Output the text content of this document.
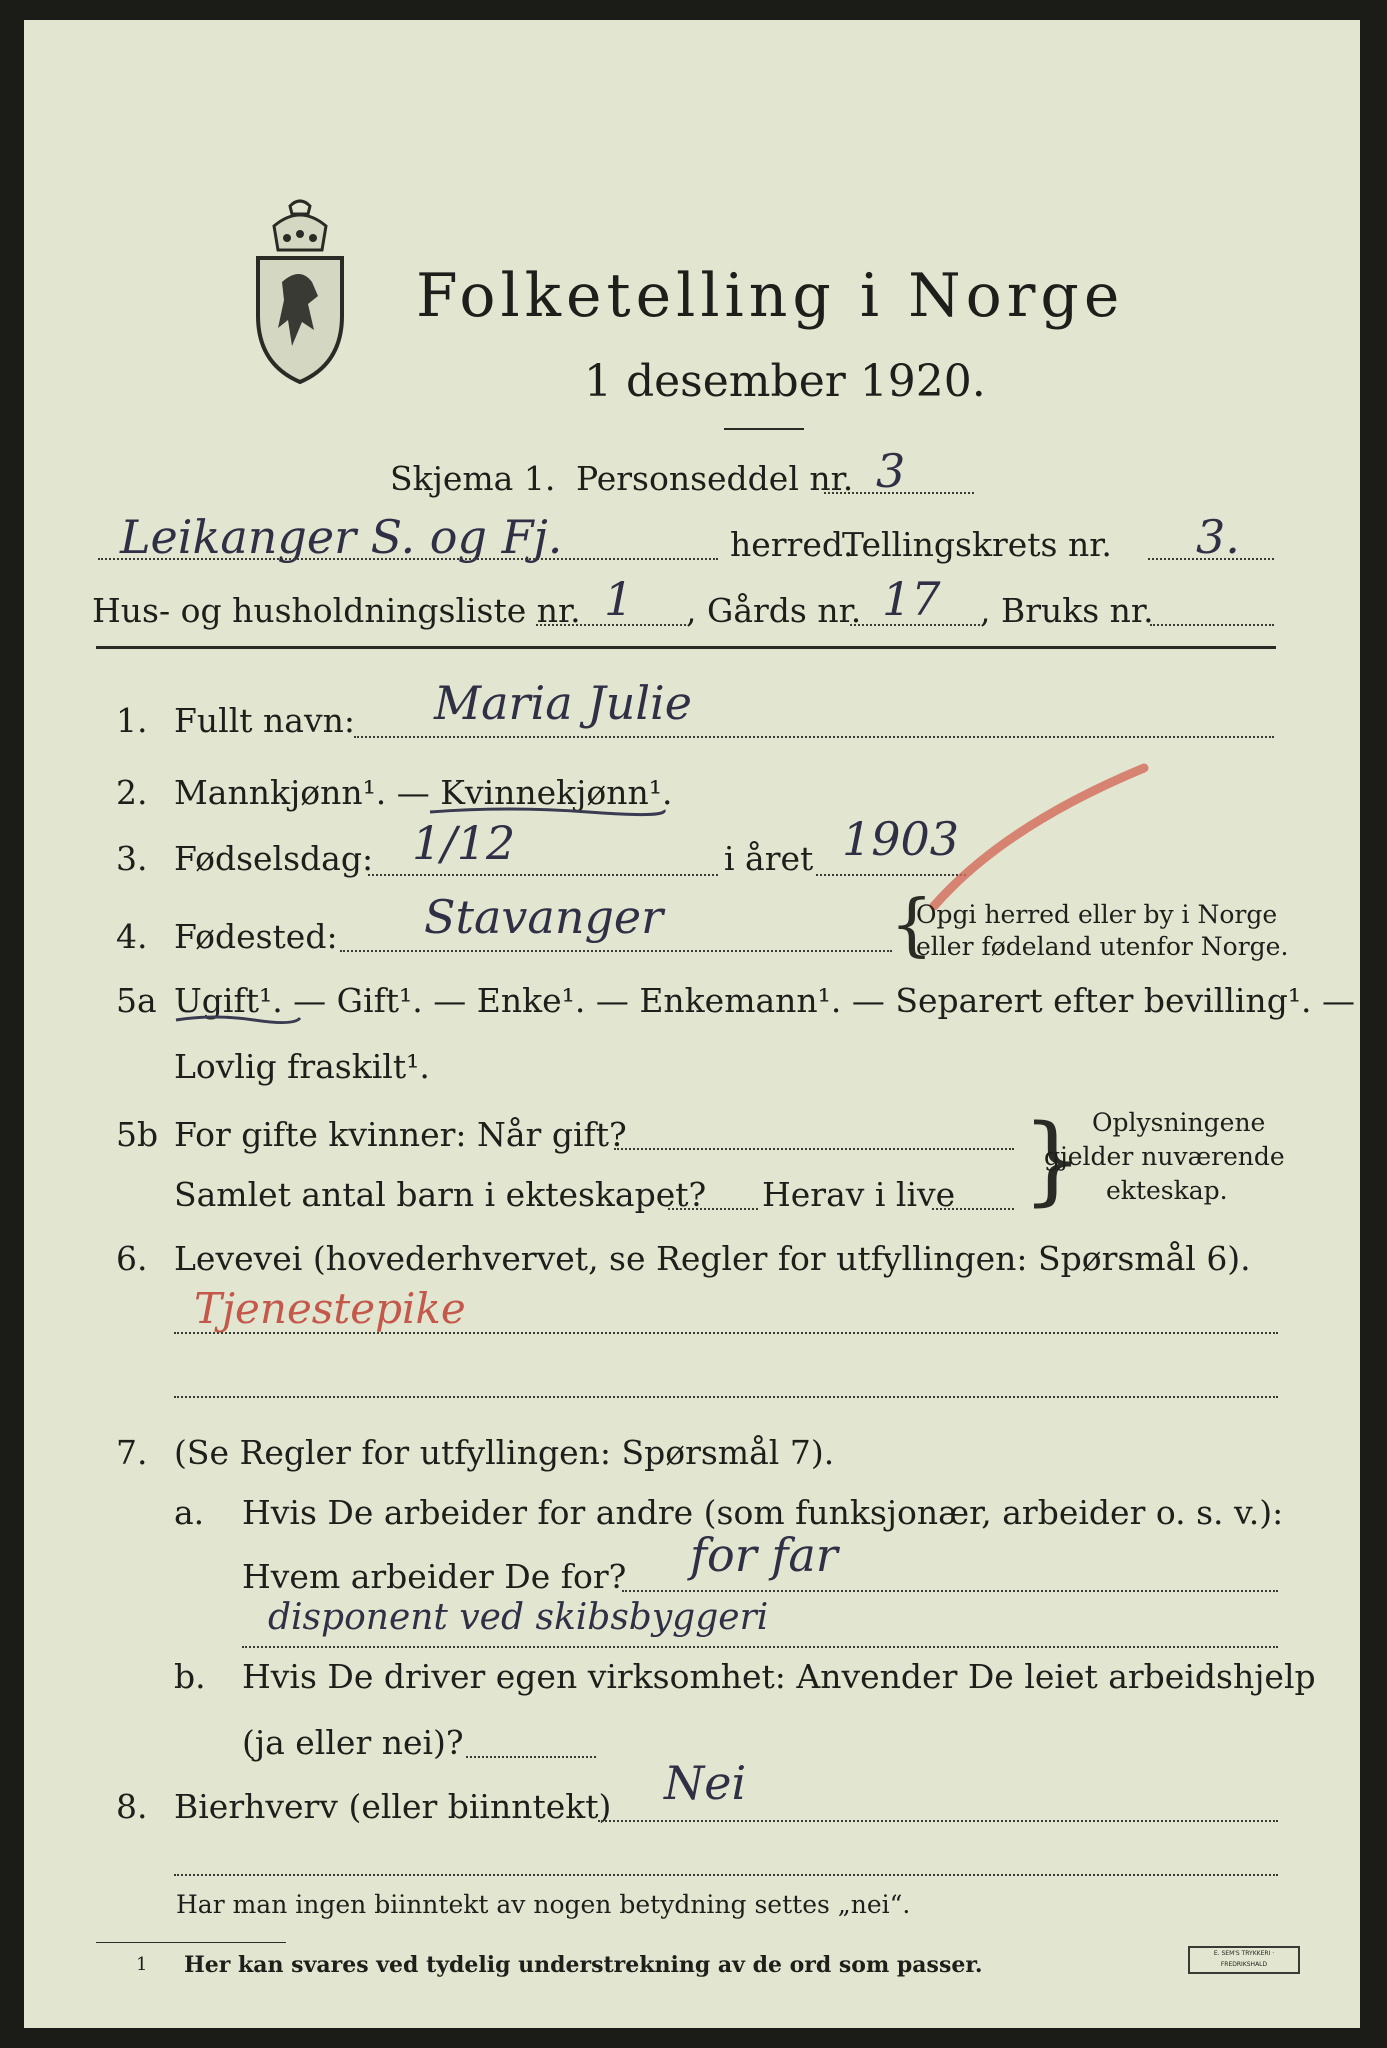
Folketelling i Norge
1 desember 1920.
Skjema 1. Personseddel nr. 3
Leikanger S. og Fj.	herred.
Tellingskrets nr. 3.
Hus- og husholdningsliste nr. 1 , Gårds nr. 17 , Bruks nr.
1. Fullt navn: Maria Julie
2. Mannkjønn¹. — Kvinnekjønn¹.
3. Fødselsdag: 1/12	i året 1903
4. Fødested: Stavanger	{
Opgi herred eller by i Norge
eller fødeland utenfor Norge.
5a Ugift¹. — Gift¹. — Enke¹. — Enkemann¹. — Separert efter bevilling¹. —
Lovlig fraskilt¹.
5b For gifte kvinner: Når gift?
Samlet antal barn i ekteskapet? Herav i live } Oplysningene
gjelder nuværende
ekteskap.
6. Levevei (hovederhvervet, se Regler for utfyllingen: Spørsmål 6).
Tjenestepike
7. (Se Regler for utfyllingen: Spørsmål 7).
a. Hvis De arbeider for andre (som funksjonær, arbeider o. s. v.):
Hvem arbeider De for? for far
disponent ved skibsbyggeri
b. Hvis De driver egen virksomhet: Anvender De leiet arbeidshjelp
(ja eller nei)?
8. Bierhverv (eller biinntekt) Nei
Har man ingen biinntekt av nogen betydning settes „nei“.
1 Her kan svares ved tydelig understrekning av de ord som passer.	E. SEM'S TRYKKERI · FREDRIKSHALD
